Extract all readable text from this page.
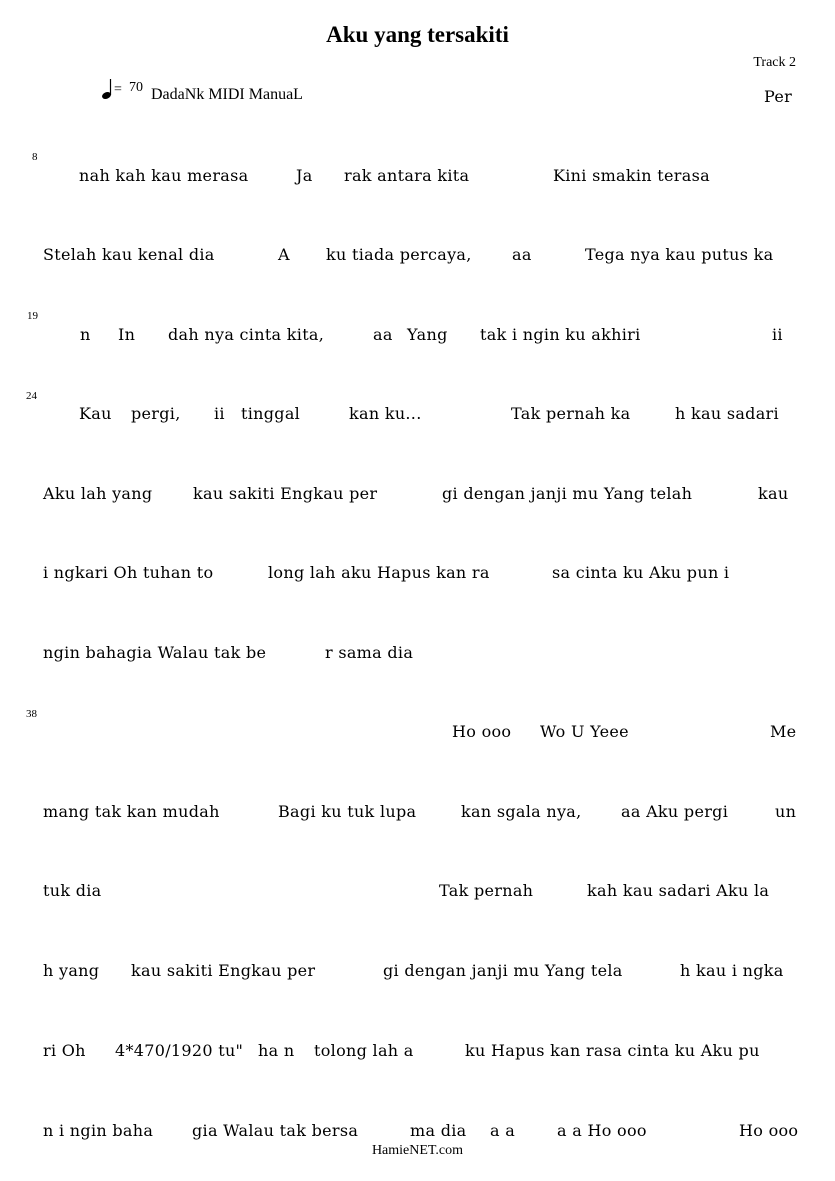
Aku yang tersakiti
Track 2
= 70 DadaNk MIDI ManuaL
8
19
24
38
Per
nah kah kau merasa	Ja rak antara kita	Kini smakin terasa
Stelah kau kenal dia	A ku tiada percaya,	aa	Tega nya kau putus ka
n In dah nya cinta kita,	aa Yang tak i ngin ku akhiri	ii
Kau pergi, ii tinggal	kan ku...	Tak pernah ka	h kau sadari
Aku lah yang	kau sakiti Engkau per	gi dengan janji mu Yang telah	kau
i ngkari Oh tuhan to	long lah aku Hapus kan ra	sa cinta ku Aku pun i
ngin bahagia Walau tak be	r sama dia
Ho ooo Wo U Yeee	Me
mang tak kan mudah	Bagi ku tuk lupa	kan sgala nya, aa Aku pergi	un
tuk dia	Tak pernah	kah kau sadari Aku la
h yang kau sakiti Engkau per	gi dengan janji mu Yang tela	h kau i ngka
ri Oh 4*470/1920 tu" ha n tolong lah a	ku Hapus kan rasa cinta ku Aku pu
n i ngin baha gia Walau tak bersa	ma dia a a	a a Ho ooo	Ho ooo
HamieNET.com
